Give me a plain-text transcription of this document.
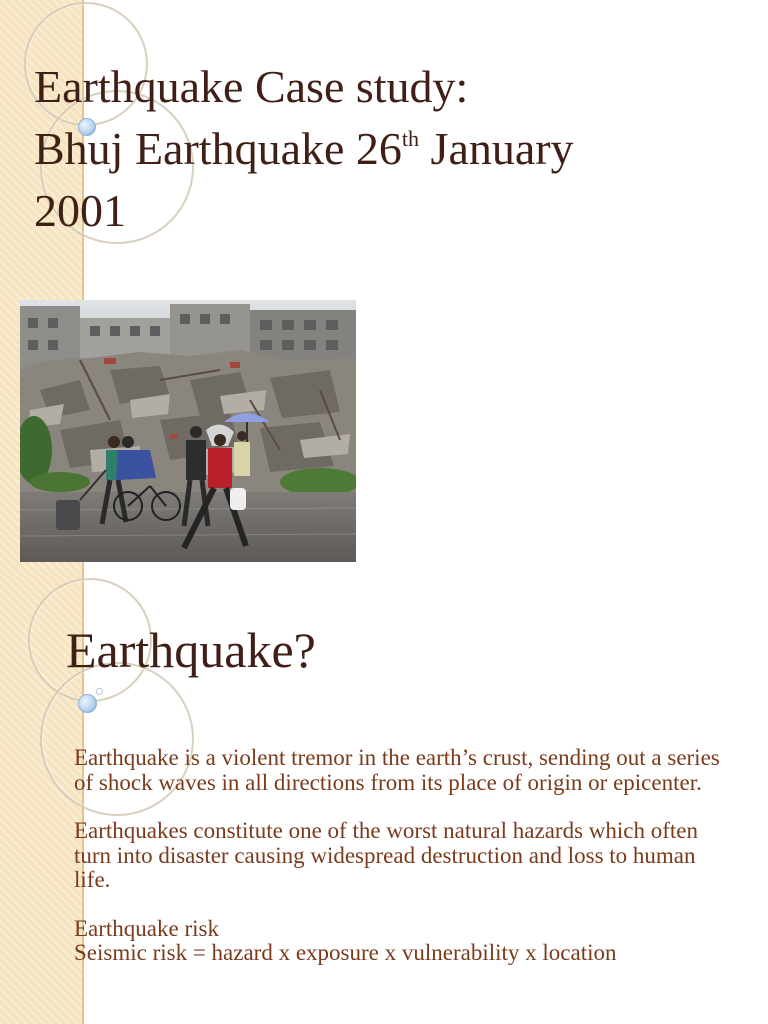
Earthquake Case study:
Bhuj Earthquake 26th January
2001
Earthquake?

Earthquake is a violent tremor in the earth’s crust, sending out a series of shock waves in all directions from its place of origin or epicenter.

Earthquakes constitute one of the worst natural hazards which often turn into disaster causing widespread destruction and loss to human life.

Earthquake risk

Seismic risk = hazard x exposure x vulnerability x location
